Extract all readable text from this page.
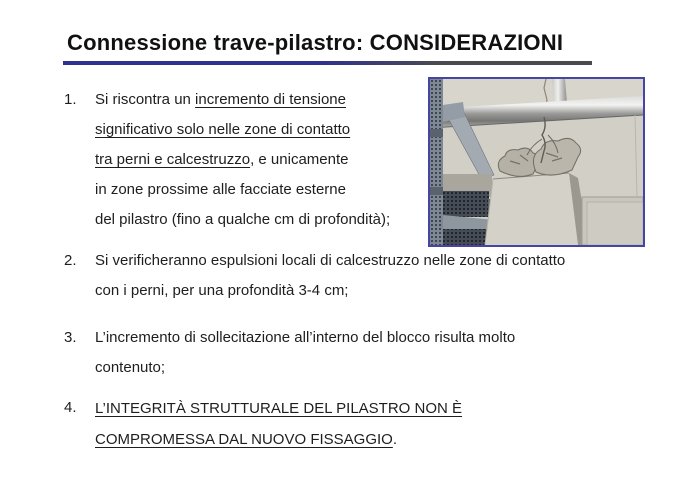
Connessione trave-pilastro: CONSIDERAZIONI
1. Si riscontra un incremento di tensione
significativo solo nelle zone di contatto
tra perni e calcestruzzo, e unicamente
in zone prossime alle facciate esterne
del pilastro (fino a qualche cm di profondità);
2. Si verificheranno espulsioni locali di calcestruzzo nelle zone di contatto
con i perni, per una profondità 3-4 cm;
3. L’incremento di sollecitazione all’interno del blocco risulta molto
contenuto;
4. L’INTEGRITÀ STRUTTURALE DEL PILASTRO NON È
COMPROMESSA DAL NUOVO FISSAGGIO.
